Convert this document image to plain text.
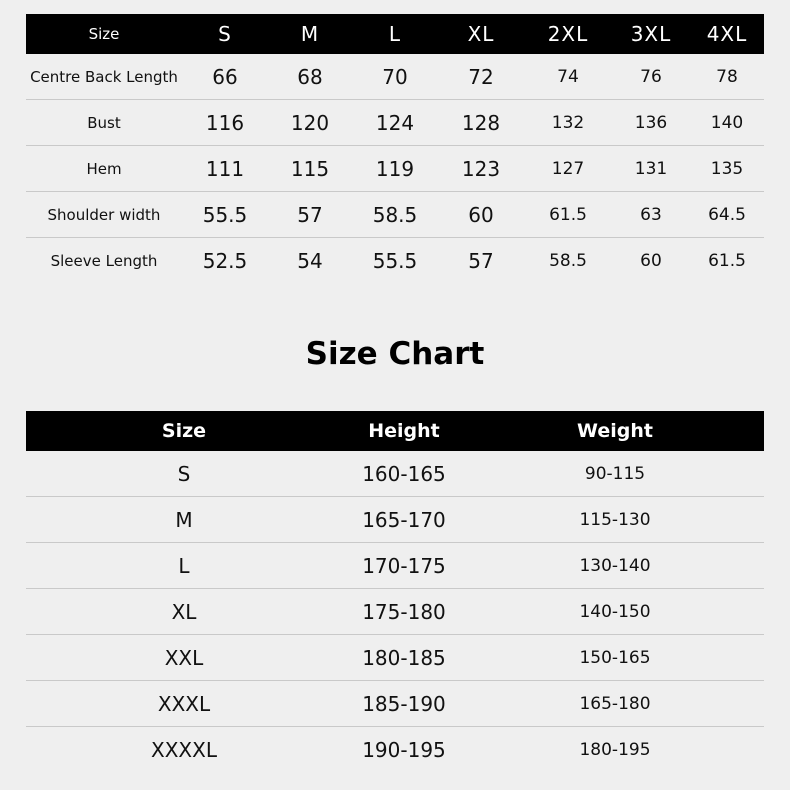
Size	S	M	L	XL	2XL	3XL	4XL
Centre Back Length	66	68	70	72	74	76	78
Bust	116	120	124	128	132	136	140
Hem	111	115	119	123	127	131	135
Shoulder width	55.5	57	58.5	60	61.5	63	64.5
Sleeve Length	52.5	54	55.5	57	58.5	60	61.5
Size Chart
Size	Height	Weight
S	160-165	90-115
M	165-170	115-130
L	170-175	130-140
XL	175-180	140-150
XXL	180-185	150-165
XXXL	185-190	165-180
XXXXL	190-195	180-195
